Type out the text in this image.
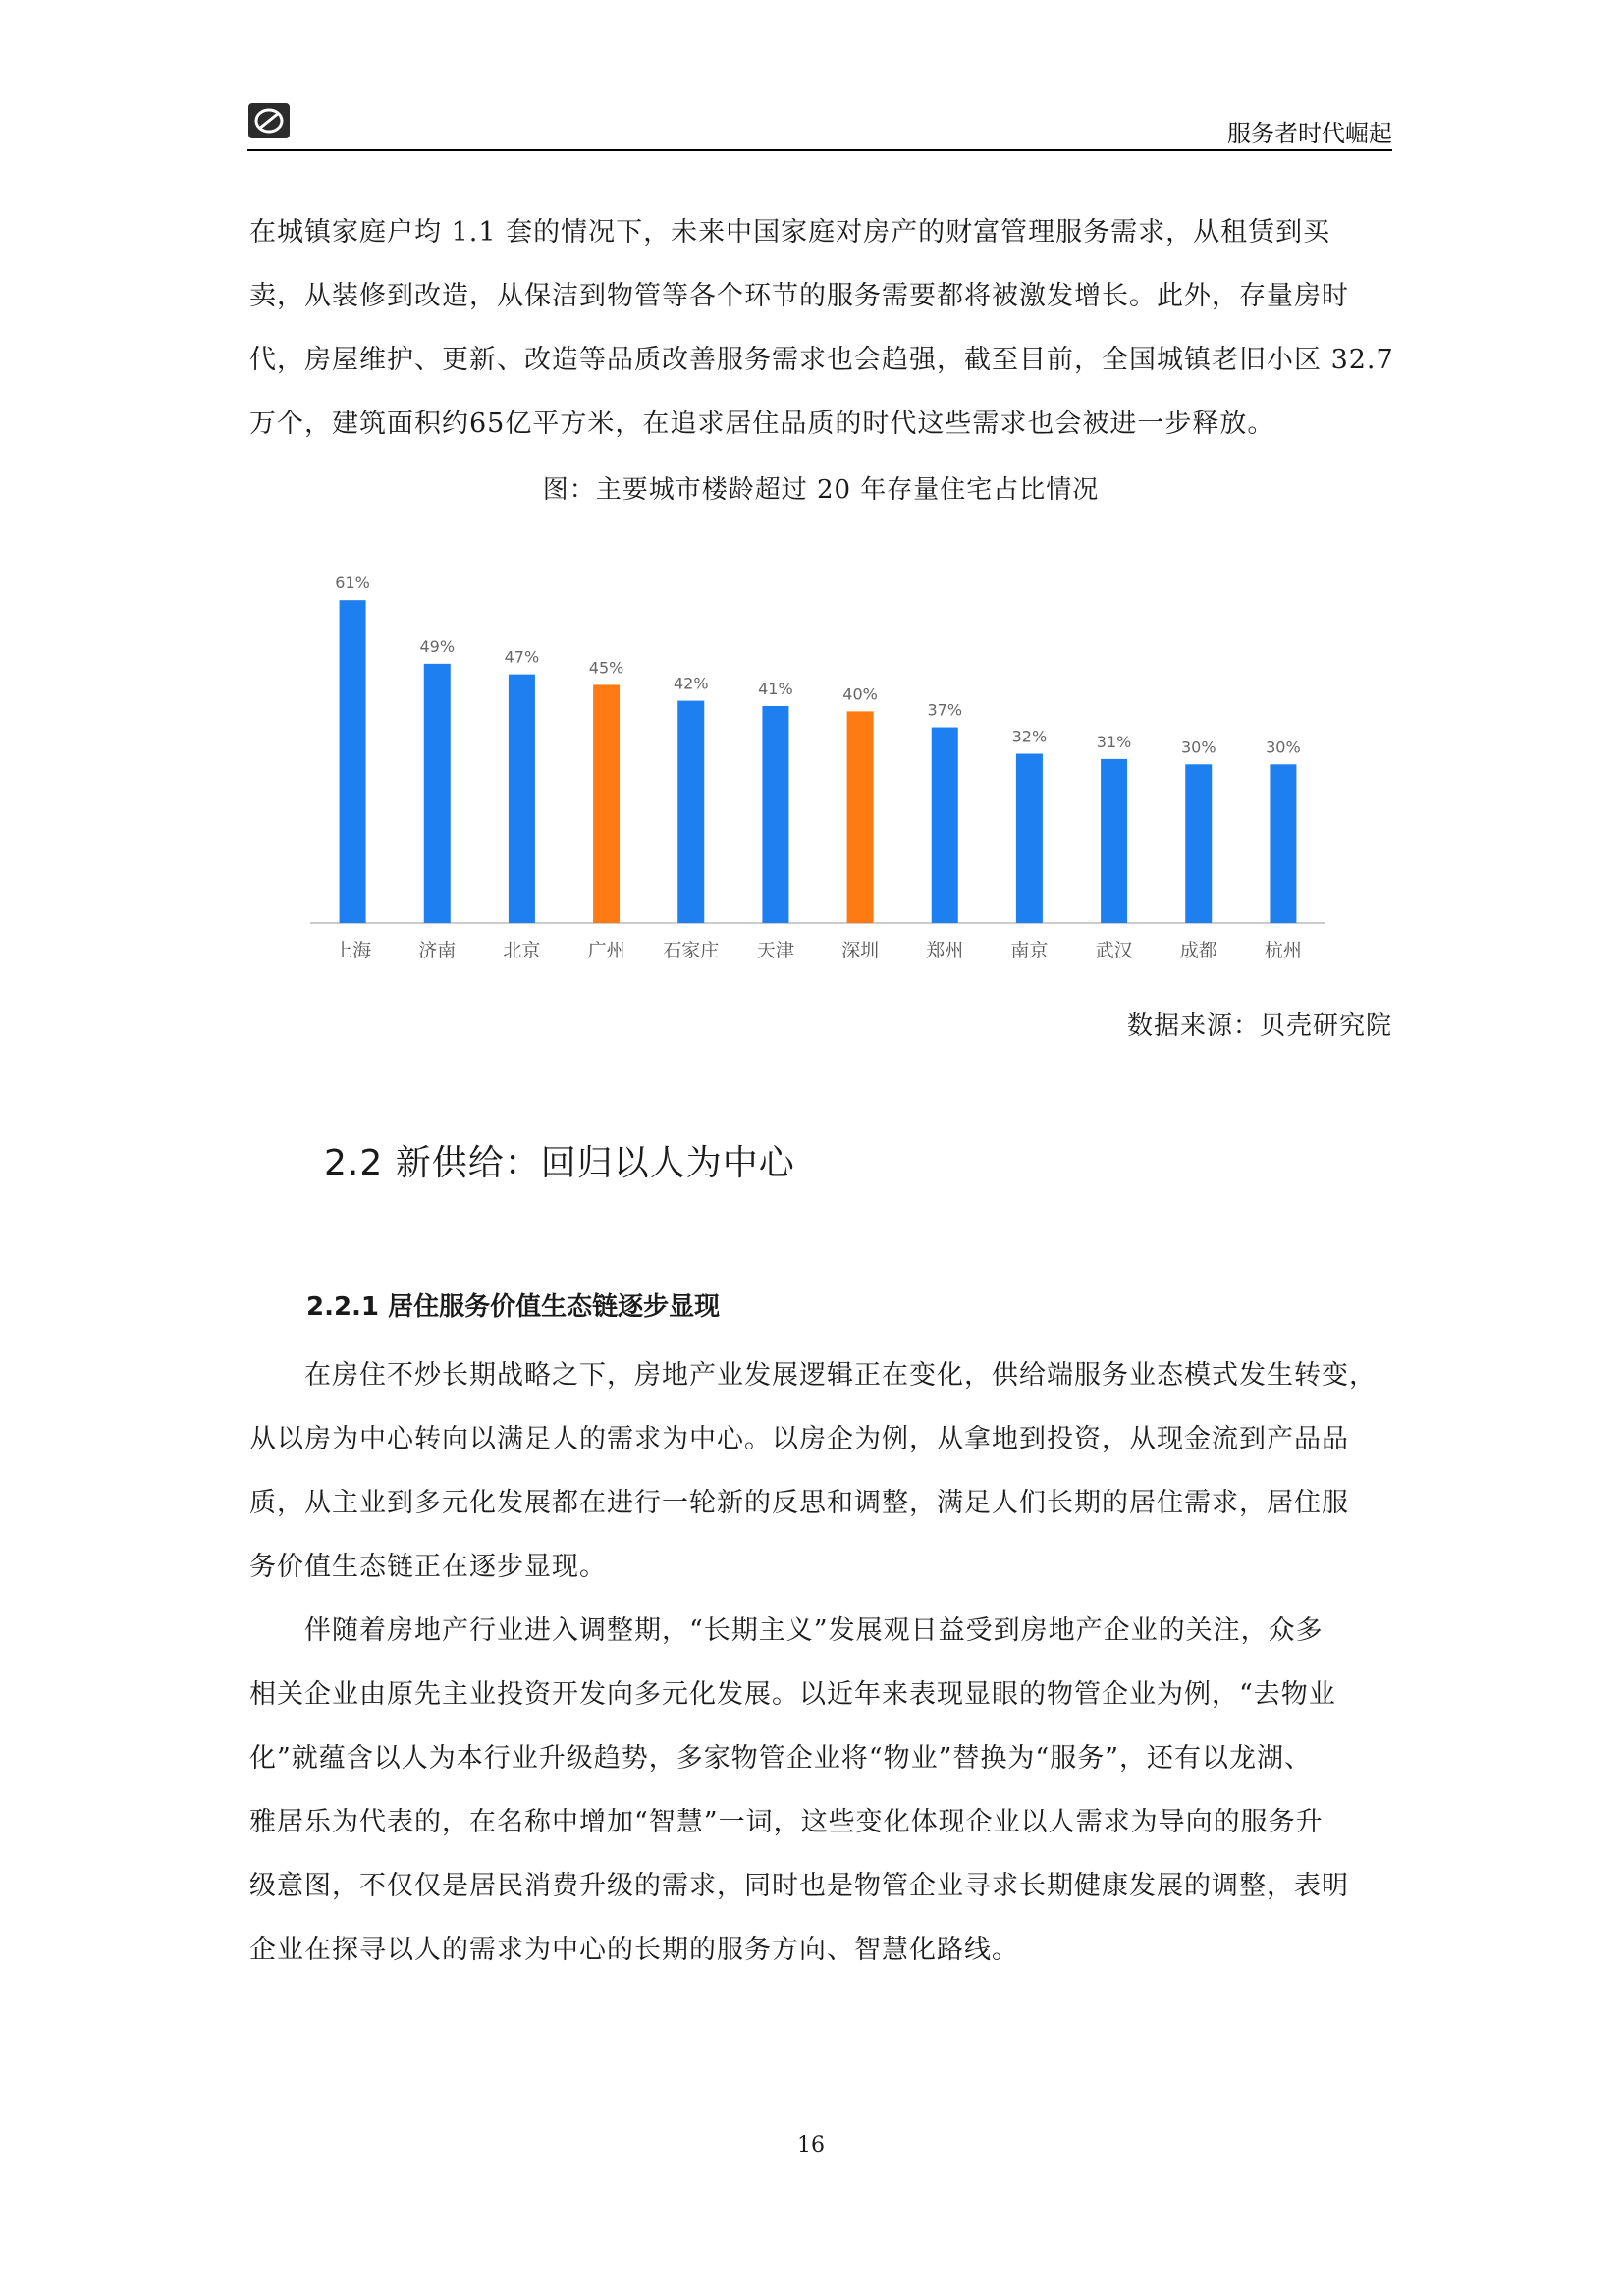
服务者时代崛起
在城镇家庭户均 1.1 套的情况下，未来中国家庭对房产的财富管理服务需求，从租赁到买
卖，从装修到改造，从保洁到物管等各个环节的服务需要都将被激发增长。此外，存量房时
代，房屋维护、更新、改造等品质改善服务需求也会趋强，截至目前，全国城镇老旧小区 32.7
万个，建筑面积约65亿平方米，在追求居住品质的时代这些需求也会被进一步释放。
图：主要城市楼龄超过 20 年存量住宅占比情况
61%
上海
49%
济南
47%
北京
45%
广州
42%
石家庄
41%
天津
40%
深圳
37%
郑州
32%
南京
31%
武汉
30%
成都
30%
杭州
数据来源：贝壳研究院
2.2 新供给：回归以人为中心
2.2.1 居住服务价值生态链逐步显现
在房住不炒长期战略之下，房地产业发展逻辑正在变化，供给端服务业态模式发生转变，
从以房为中心转向以满足人的需求为中心。以房企为例，从拿地到投资，从现金流到产品品
质，从主业到多元化发展都在进行一轮新的反思和调整，满足人们长期的居住需求，居住服
务价值生态链正在逐步显现。
伴随着房地产行业进入调整期，“长期主义”发展观日益受到房地产企业的关注，众多
相关企业由原先主业投资开发向多元化发展。以近年来表现显眼的物管企业为例，“去物业
化”就蕴含以人为本行业升级趋势，多家物管企业将“物业”替换为“服务”，还有以龙湖、
雅居乐为代表的，在名称中增加“智慧”一词，这些变化体现企业以人需求为导向的服务升
级意图，不仅仅是居民消费升级的需求，同时也是物管企业寻求长期健康发展的调整，表明
企业在探寻以人的需求为中心的长期的服务方向、智慧化路线。
16
